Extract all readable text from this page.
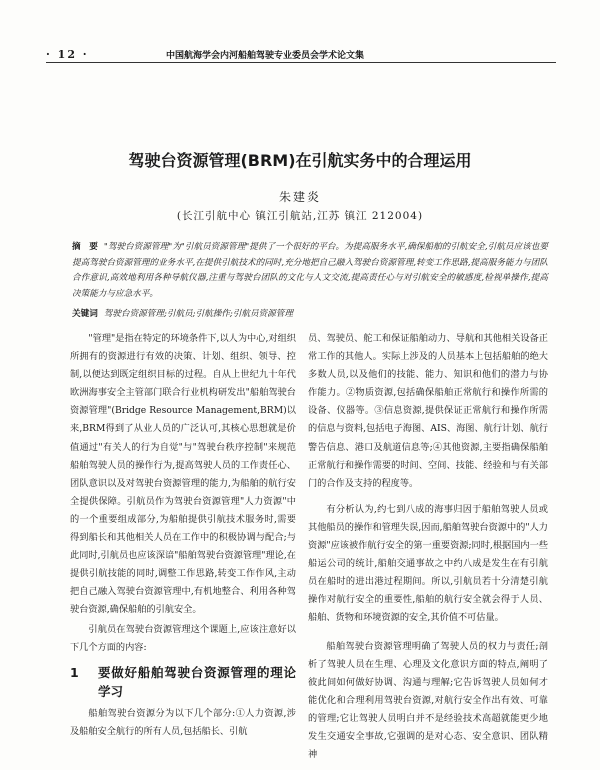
· 12 ·	中国航海学会内河船舶驾驶专业委员会学术论文集
驾驶台资源管理(BRM)在引航实务中的合理运用
朱建炎
(长江引航中心 镇江引航站,江苏 镇江 212004)
摘　要 "驾驶台资源管理"为"引航员资源管理"提供了一个很好的平台。为提高服务水平,确保船舶的引航安全,引航员应该也要提高驾驶台资源管理的业务水平,在提供引航技术的同时,充分地把自己融入驾驶台资源管理,转变工作思路,提高服务能力与团队合作意识,高效地利用各种导航仪器,注重与驾驶台团队的文化与人文交流,提高责任心与对引航安全的敏感度,检视单操作,提高决策能力与应急水平。
关键词 驾驶台资源管理;引航员;引航操作;引航员资源管理

"管理"是指在特定的环境条件下,以人为中心,对组织所拥有的资源进行有效的决策、计划、组织、领导、控制,以便达到既定组织目标的过程。自从上世纪九十年代欧洲海事安全主管部门联合行业机构研发出"船舶驾驶台资源管理"(Bridge Resource Management,BRM)以来,BRM得到了从业人员的广泛认可,其核心思想就是价值通过"有关人的行为自觉"与"驾驶台秩序控制"来规范船舶驾驶人员的操作行为,提高驾驶人员的工作责任心、团队意识以及对驾驶台资源管理的能力,为船舶的航行安全提供保障。引航员作为驾驶台资源管理"人力资源"中的一个重要组成部分,为船舶提供引航技术服务时,需要得到船长和其他相关人员在工作中的积极协调与配合;与此同时,引航员也应该深谙"船舶驾驶台资源管理"理论,在提供引航技能的同时,调整工作思路,转变工作作风,主动把自己融入驾驶台资源管理中,有机地整合、利用各种驾驶台资源,确保船舶的引航安全。

引航员在驾驶台资源管理这个课题上,应该注意好以下几个方面的内容:

1 要做好船舶驾驶台资源管理的理论学习

船舶驾驶台资源分为以下几个部分:①人力资源,涉及船舶安全航行的所有人员,包括船长、引航

员、驾驶员、舵工和保证船舶动力、导航和其他相关设备正常工作的其他人。实际上涉及的人员基本上包括船舶的绝大多数人员,以及他们的技能、能力、知识和他们的潜力与协作能力。②物质资源,包括确保船舶正常航行和操作所需的设备、仪器等。③信息资源,提供保证正常航行和操作所需的信息与资料,包括电子海图、AIS、海图、航行计划、航行警告信息、港口及航道信息等;④其他资源,主要指确保船舶正常航行和操作需要的时间、空间、技能、经验和与有关部门的合作及支持的程度等。

有分析认为,约七到八成的海事归因于船舶驾驶人员或其他船员的操作和管理失误,因而,船舶驾驶台资源中的"人力资源"应该被作航行安全的第一重要资源;同时,根据国内一些船运公司的统计,船舶交通事故之中约八成是发生在有引航员在船时的进出港过程期间。所以,引航员若十分清楚引航操作对航行安全的重要性,船舶的航行安全就会得于人员、船舶、货物和环境资源的安全,其价值不可估量。

船舶驾驶台资源管理明确了驾驶人员的权力与责任;剖析了驾驶人员在生理、心理及文化意识方面的特点,阐明了彼此间如何做好协调、沟通与理解;它告诉驾驶人员如何才能优化和合理利用驾驶台资源,对航行安全作出有效、可靠的管理;它让驾驶人员明白并不是经验技术高超就能更少地发生交通安全事故,它强调的是对心态、安全意识、团队精神
